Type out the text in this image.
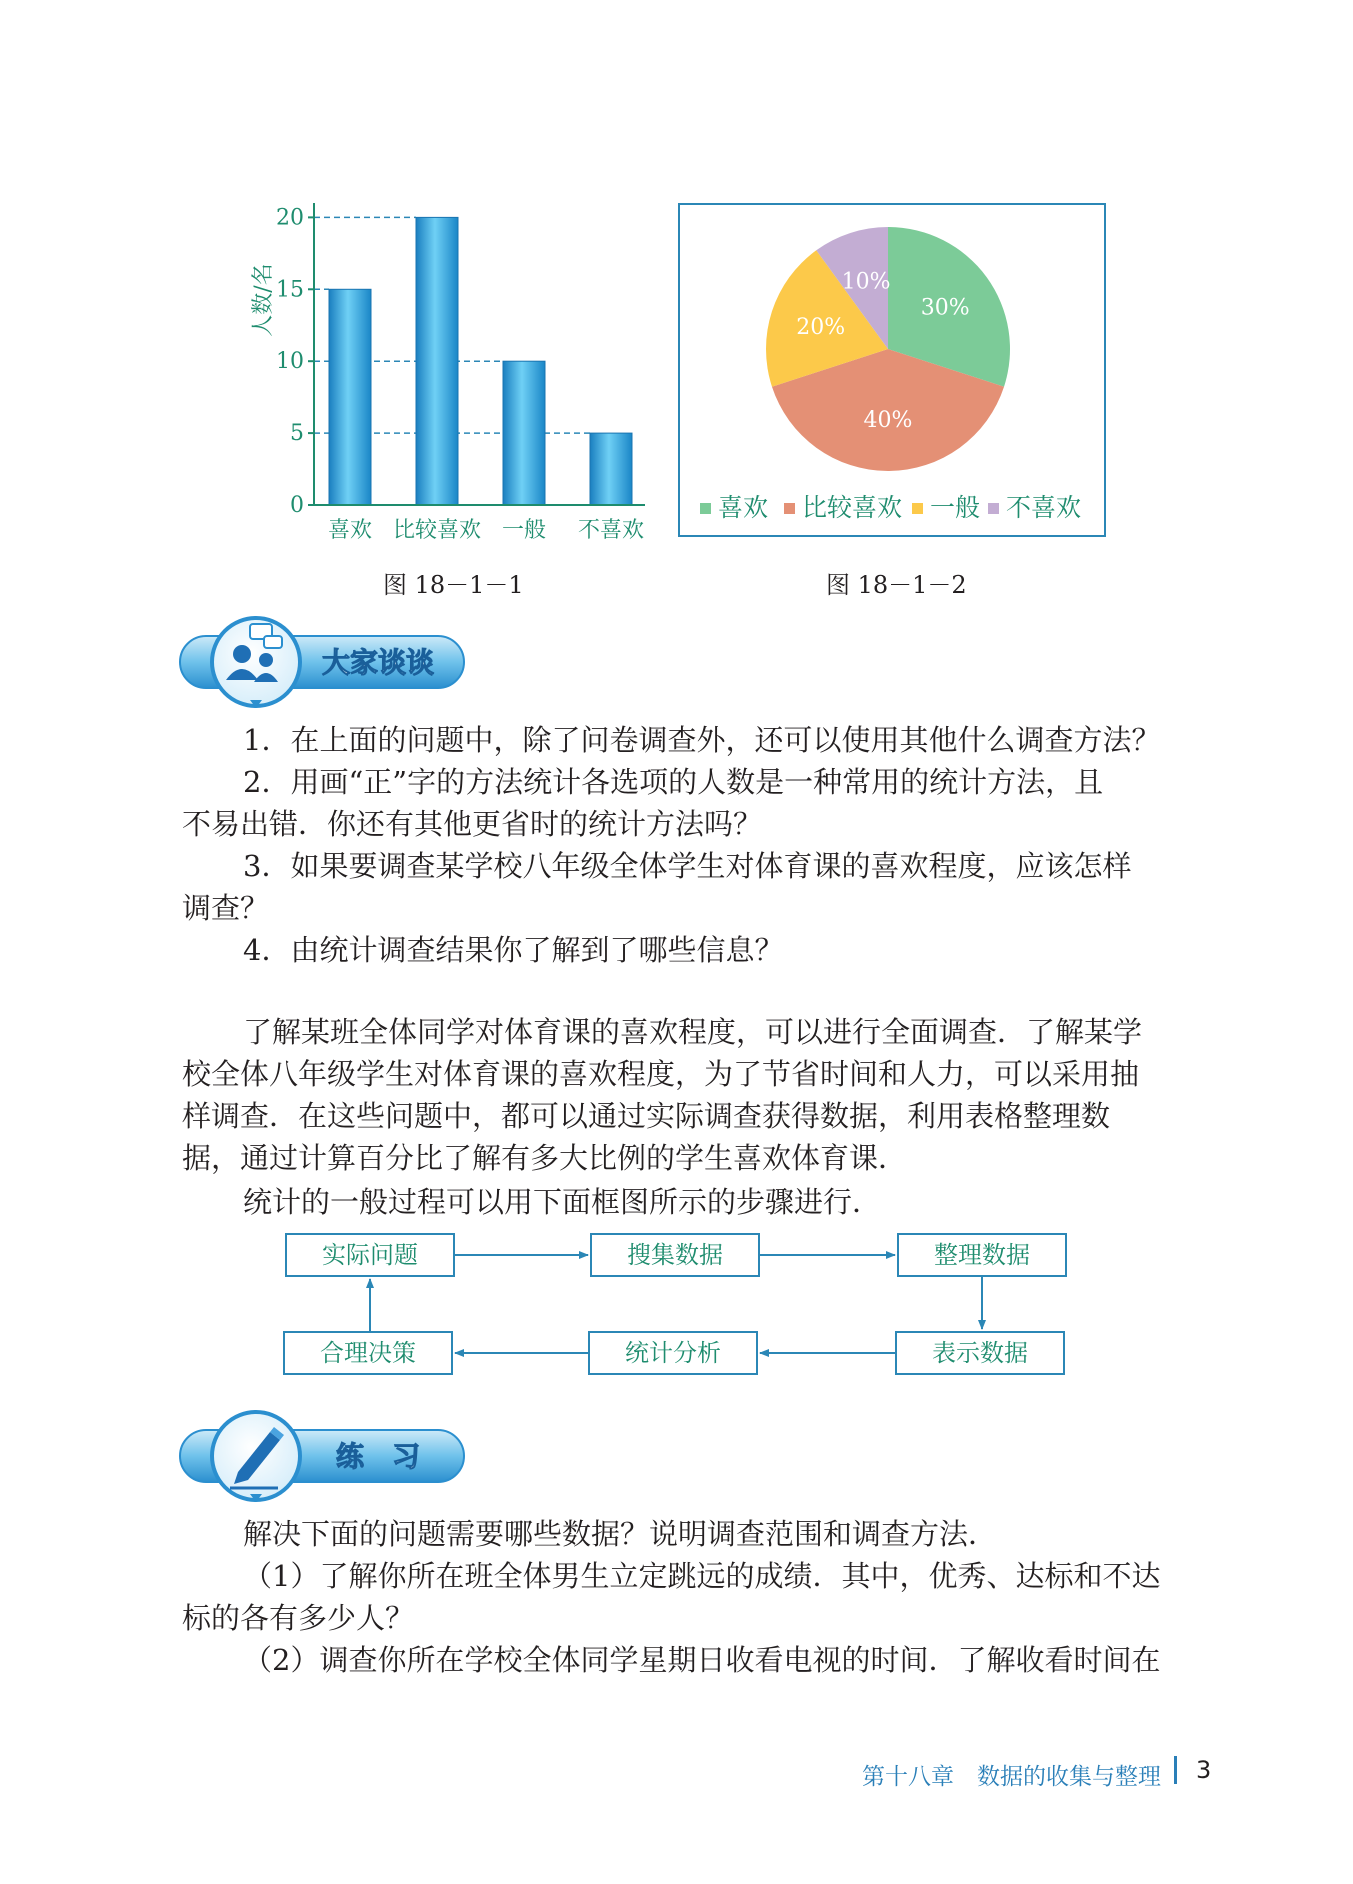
人数/名
0
5
10
15
20
喜欢 比较喜欢 一般 不喜欢
图 18－1－1
30%
40%
20%
10%
喜欢 比较喜欢 一般 不喜欢
图 18－1－2
大家谈谈
1．在上面的问题中，除了问卷调查外，还可以使用其他什么调查方法？
2．用画“正”字的方法统计各选项的人数是一种常用的统计方法，且
不易出错．你还有其他更省时的统计方法吗？
3．如果要调查某学校八年级全体学生对体育课的喜欢程度，应该怎样
调查？
4．由统计调查结果你了解到了哪些信息？
了解某班全体同学对体育课的喜欢程度，可以进行全面调查．了解某学
校全体八年级学生对体育课的喜欢程度，为了节省时间和人力，可以采用抽
样调查．在这些问题中，都可以通过实际调查获得数据，利用表格整理数
据，通过计算百分比了解有多大比例的学生喜欢体育课．
统计的一般过程可以用下面框图所示的步骤进行．
实际问题	搜集数据	整理数据
合理决策	统计分析	表示数据
练　习
解决下面的问题需要哪些数据？说明调查范围和调查方法．
（1）了解你所在班全体男生立定跳远的成绩．其中，优秀、达标和不达
标的各有多少人？
（2）调查你所在学校全体同学星期日收看电视的时间．了解收看时间在
第十八章　数据的收集与整理 3
